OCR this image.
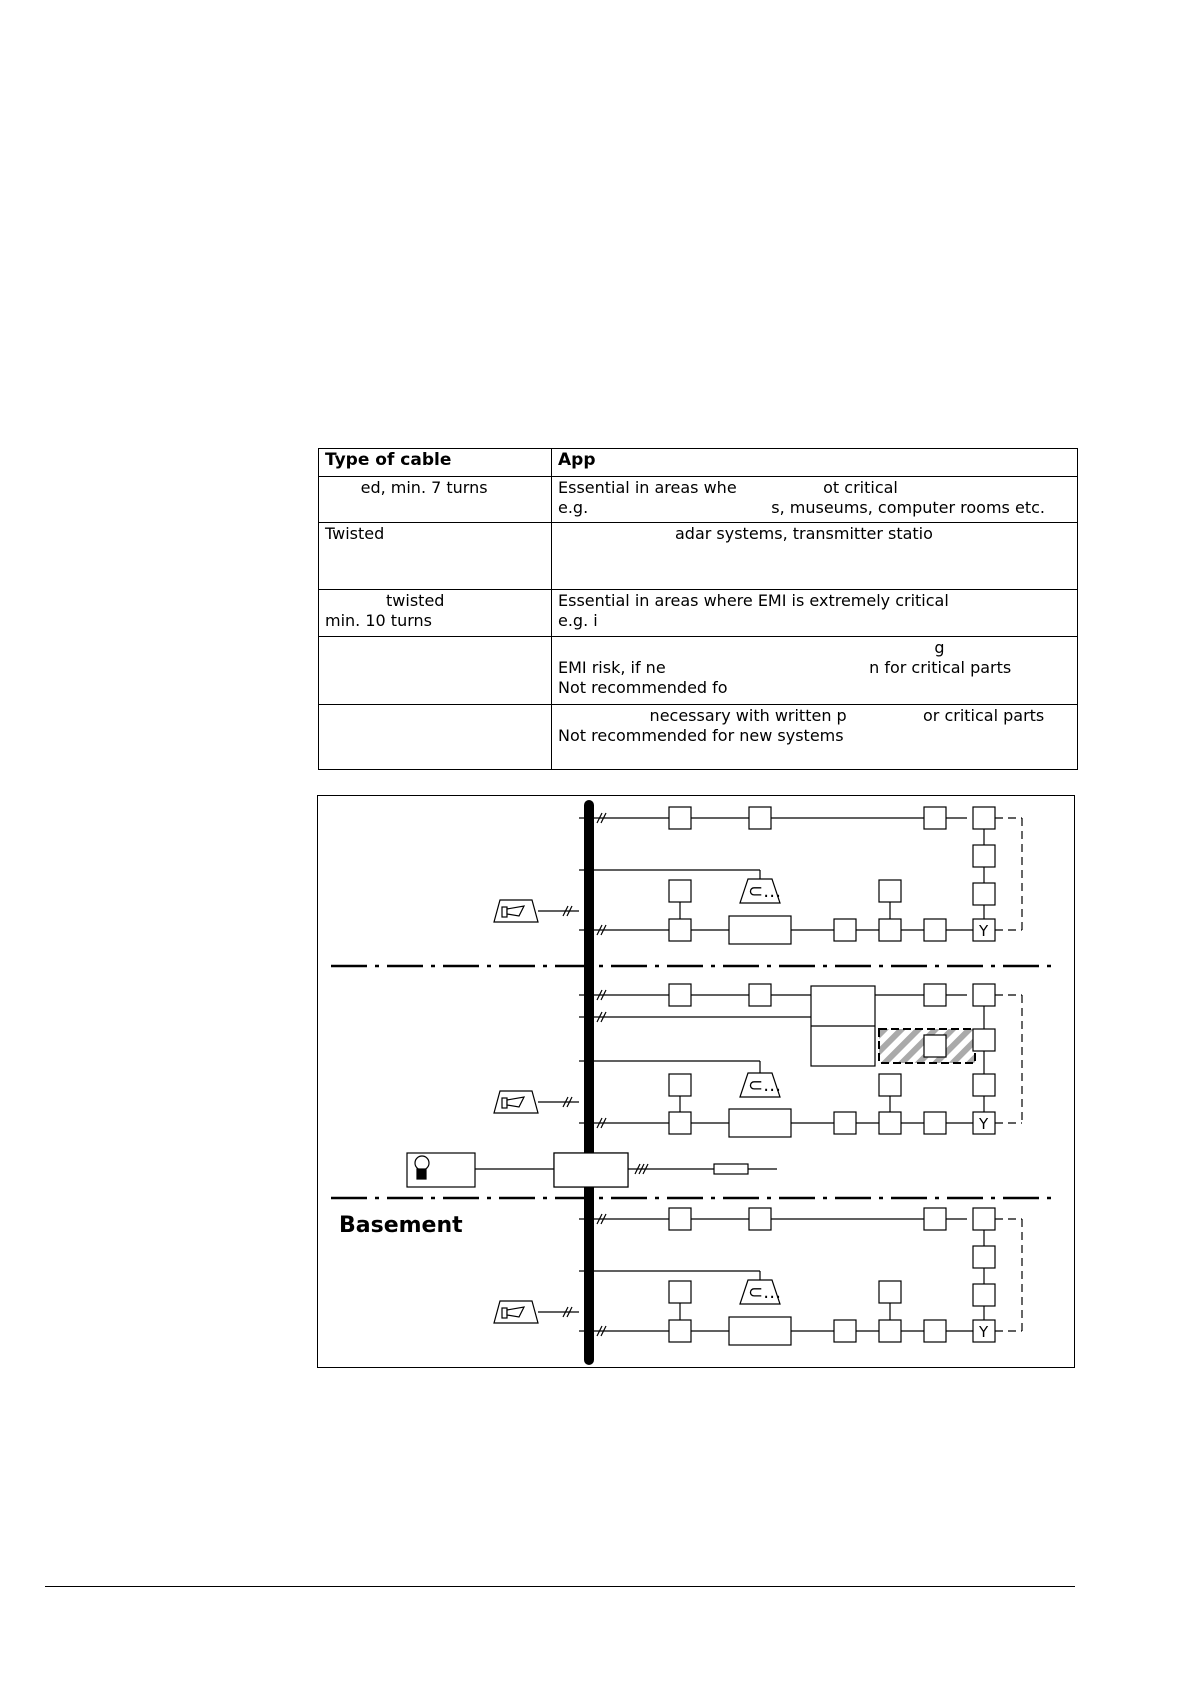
Type of cable	App

ed, min. 7 turns	Essential in areas whe                 ot critical
e.g.                                    s, museums, computer rooms etc.

Twisted	adar systems, transmitter statio

twisted
min. 10 turns	Essential in areas where EMI is extremely critical
e.g. i

	g
EMI risk, if ne                                        n for critical parts
Not recommended fo

	necessary with written p               or critical parts
Not recommended for new systems
Y
⊂…
Y
⊂…
Y
⊂…
Basement
